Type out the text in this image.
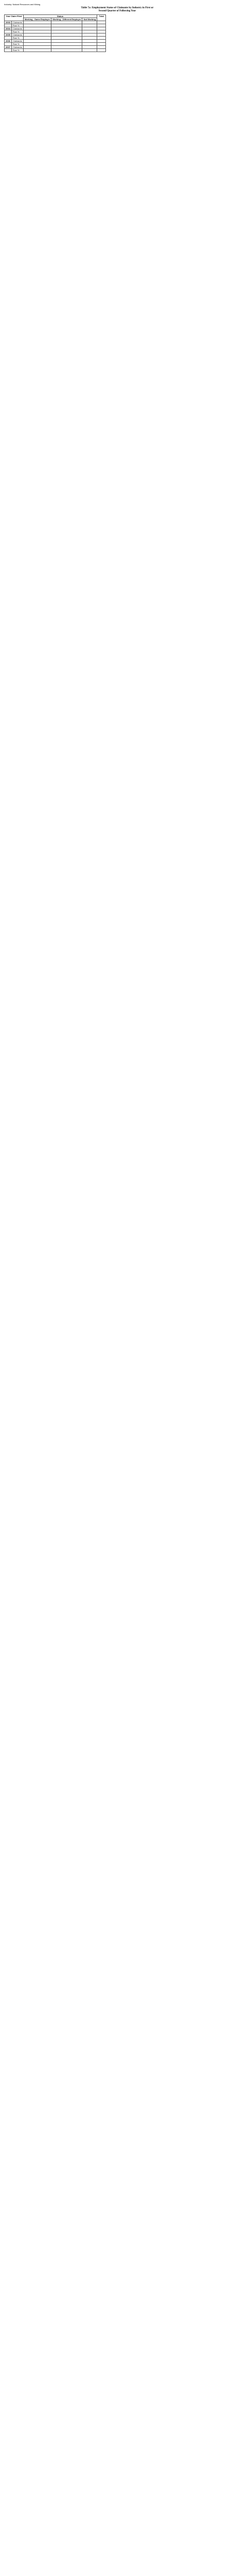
Industry: Natural Resources and Mining
Table 7a: Employment Status of Claimants by Industry in First or
Second Quarter of Following Year
Year Claim Filed		Status			Total
		Working - Same Employer	Working - Different Employer	Not Working	
2003	Claimants				
	Row %				
2004	Claimants				
	Row %				
2005	Claimants				
	Row %				
2006	Claimants				
	Row %				
2007	Claimants				
	Row %				
